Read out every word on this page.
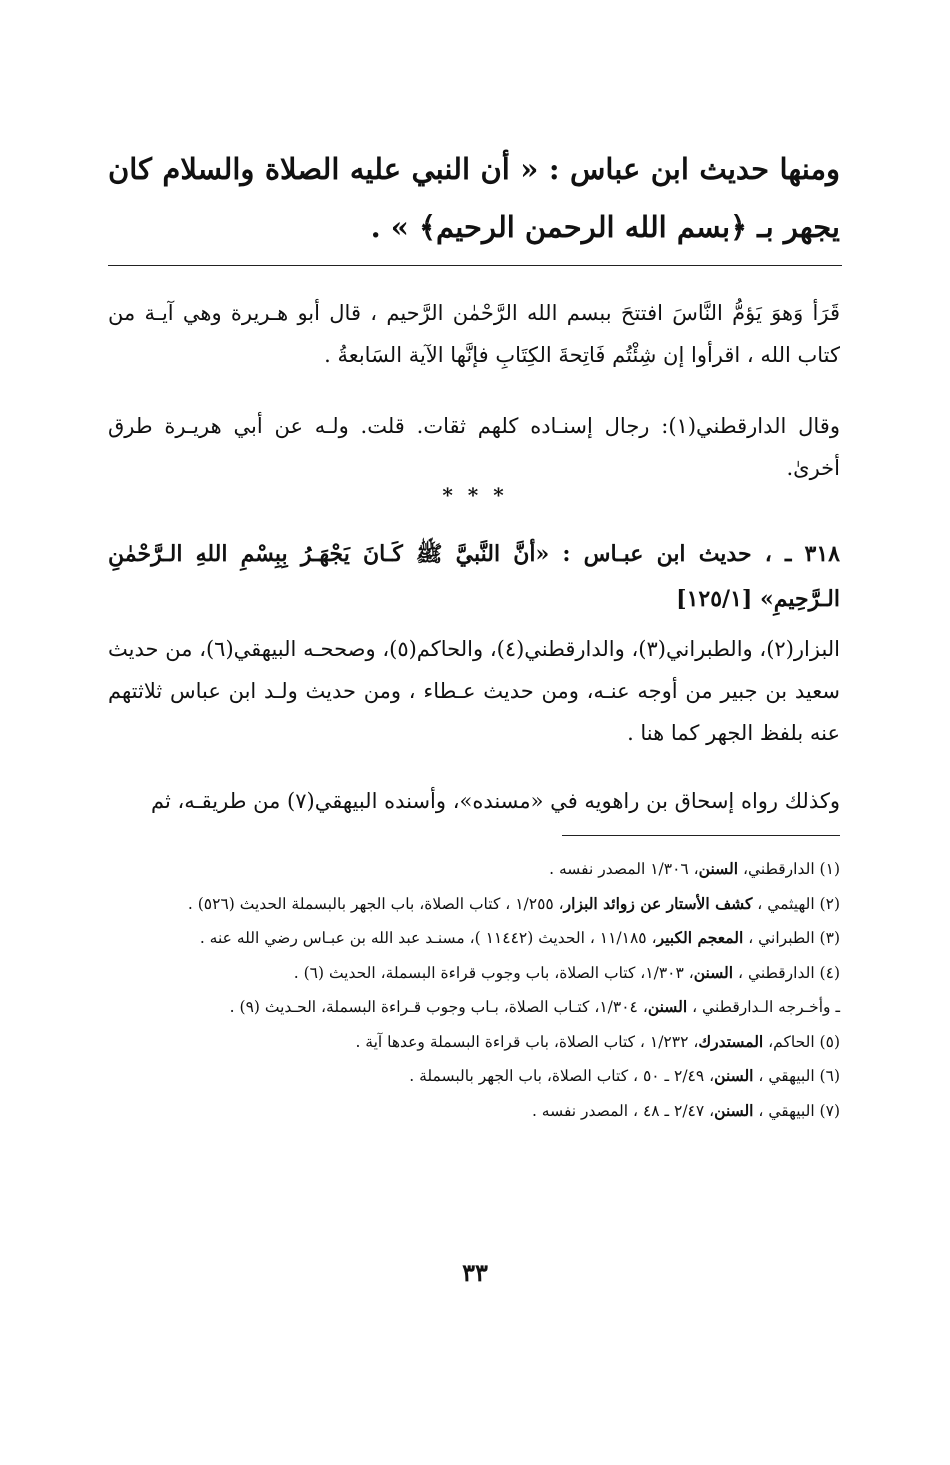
ومنها حديث ابن عباس : « أن النبي عليه الصلاة والسلام كان يجهر بـ ﴿بسم الله الرحمن الرحيم﴾ » .

قَرَأ وَهوَ يَؤمُّ النَّاسَ افتتحَ ببسم الله الرَّحْمٰن الرَّحيم ، قال أبو هـريرة وهي آيـة من كتاب الله ، اقرأوا إن شِئْتُم فَاتِحةَ الكِتَابِ فإنَّها الآية السَابعةُ .

وقال الدارقطني(١): رجال إسنـاده كلهم ثقات. قلت. ولـه عن أبي هريـرة طرق أخرىٰ.

* * *

٣١٨ ـ ، حديث ابن عبـاس : «أنَّ النَّبيَّ ﷺ كَـانَ يَجْهَـرُ بِبِسْمِ اللهِ الـرَّحْمٰنِ الـرَّحِيمِ» [١٢٥/١]

البزار(٢)، والطبراني(٣)، والدارقطني(٤)، والحاكم(٥)، وصححـه البيهقي(٦)، من حديث سعيد بن جبير من أوجه عنـه، ومن حديث عـطاء ، ومن حديث ولـد ابن عباس ثلاثتهم عنه بلفظ الجهر كما هنا .

وكذلك رواه إسحاق بن راهويه في «مسنده»، وأسنده البيهقي(٧) من طريقـه، ثم

(١) الدارقطني، السنن، ١/٣٠٦ المصدر نفسه .

(٢) الهيثمي ، كشف الأستار عن زوائد البزار، ١/٢٥٥ ، كتاب الصلاة، باب الجهر بالبسملة الحديث (٥٢٦) .

(٣) الطبراني ، المعجم الكبير، ١١/١٨٥ ، الحديث (١١٤٤٢ )، مسنـد عبد الله بن عبـاس رضي الله عنه .

(٤) الدارقطني ، السنن، ١/٣٠٣، كتاب الصلاة، باب وجوب قراءة البسملة، الحديث (٦) .

ـ وأخـرجه الـدارقطني ، السنن، ١/٣٠٤، كتـاب الصلاة، بـاب وجوب قـراءة البسملة، الحـديث (٩) .

(٥) الحاكم، المستدرك، ١/٢٣٢ ، كتاب الصلاة، باب قراءة البسملة وعدها آية .

(٦) البيهقي ، السنن، ٢/٤٩ ـ ٥٠ ، كتاب الصلاة، باب الجهر بالبسملة .

(٧) البيهقي ، السنن، ٢/٤٧ ـ ٤٨ ، المصدر نفسه .

٣٣
